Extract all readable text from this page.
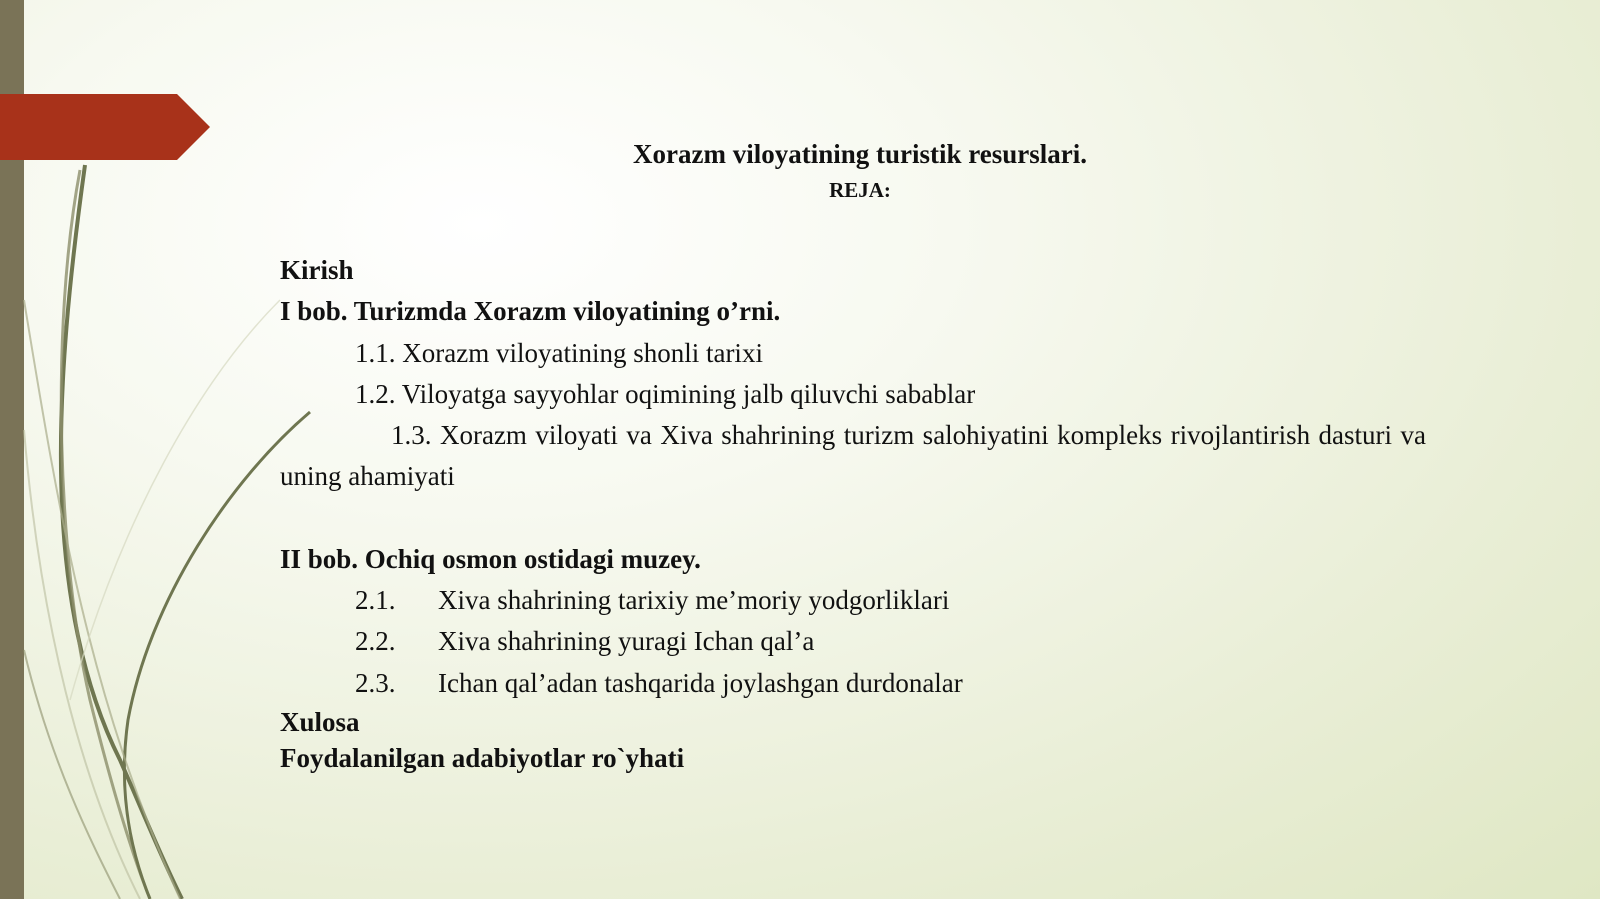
Xorazm viloyatining turistik resurslari.
REJA:
Kirish
I bob. Turizmda Xorazm viloyatining o’rni.
1.1. Xorazm viloyatining shonli tarixi
1.2. Viloyatga sayyohlar oqimining jalb qiluvchi sabablar
1.3. Xorazm viloyati va Xiva shahrining turizm salohiyatini kompleks rivojlantirish dasturi va uning ahamiyati
II bob. Ochiq osmon ostidagi muzey.
2.1. Xiva shahrining tarixiy me’moriy yodgorliklari
2.2. Xiva shahrining yuragi Ichan qal’a
2.3. Ichan qal’adan tashqarida joylashgan durdonalar
Xulosa
Foydalanilgan adabiyotlar ro`yhati
